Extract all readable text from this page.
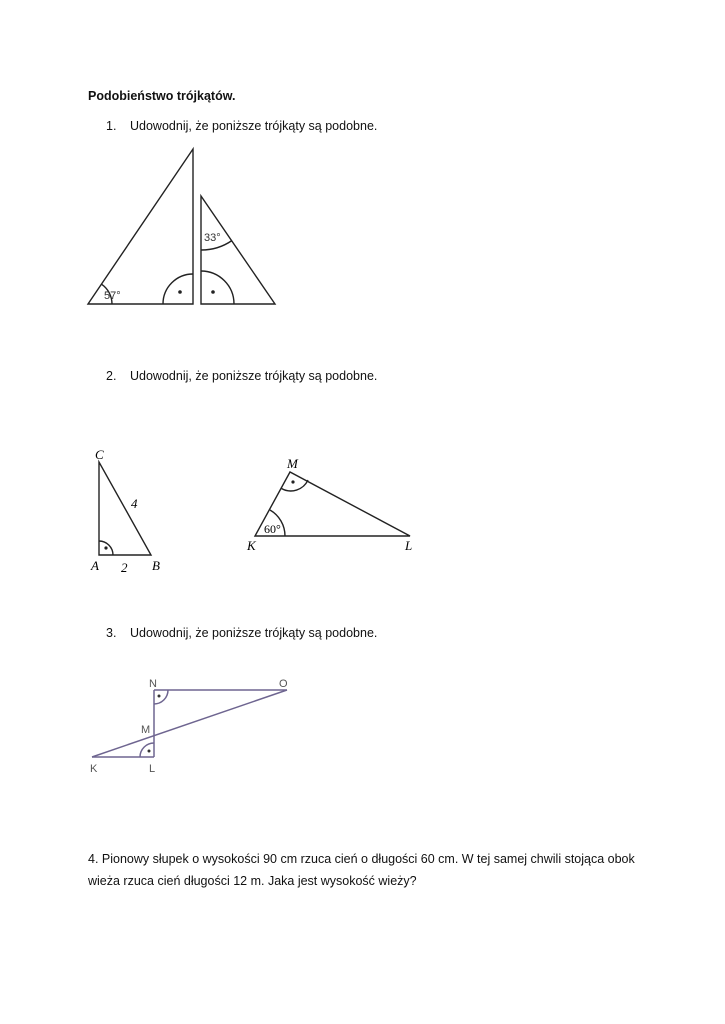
Podobieństwo trójkątów.
1. Udowodnij, że poniższe trójkąty są podobne.
57°
33°
2. Udowodnij, że poniższe trójkąty są podobne.
C
A	B
4
2
M
K	L
60°
3. Udowodnij, że poniższe trójkąty są podobne.
N	O
M
K	L
4. Pionowy słupek o wysokości 90 cm rzuca cień o długości 60 cm. W tej samej chwili stojąca obok wieża rzuca cień długości 12 m. Jaka jest wysokość wieży?
